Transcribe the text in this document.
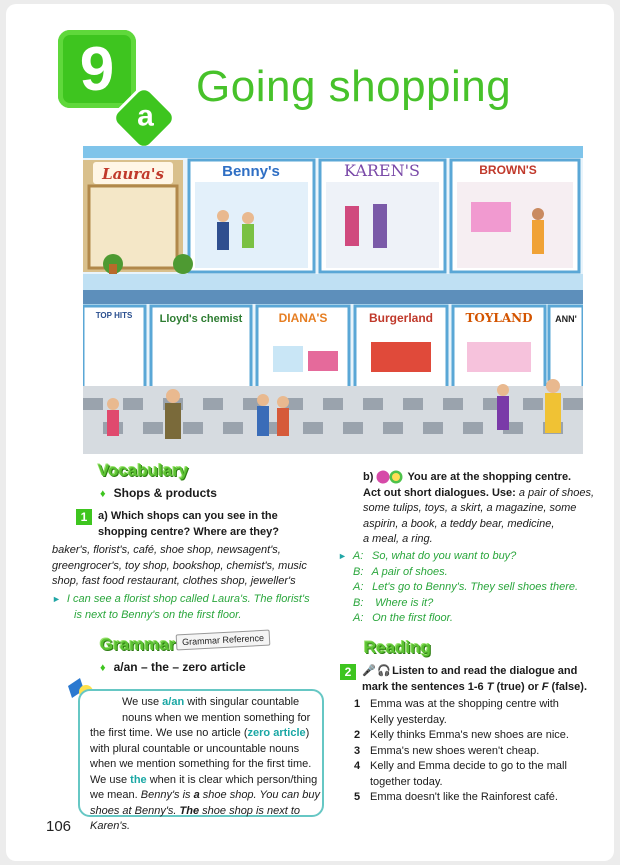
9
a
Going shopping
Laura's	Benny's	KAREN'S	BROWN'S
TOP HITS Lloyd's chemist	DIANA'S	Burgerland	TOYLAND	ANN'
Vocabulary
♦ Shops & products
1 a) Which shops can you see in the
shopping centre? Where are they?
baker's, florist's, café, shoe shop, newsagent's,
greengrocer's, toy shop, bookshop, chemist's, music
shop, fast food restaurant, clothes shop, jeweller's
► I can see a florist shop called Laura's. The florist's
is next to Benny's on the first floor.
Grammar Grammar Reference
♦ a/an – the – zero article
We use a/an with singular countable
nouns when we mention something for
the first time. We use no article (zero article)
with plural countable or uncountable nouns
when we mention something for the first time.
We use the when it is clear which person/thing
we mean. Benny's is a shoe shop. You can buy
shoes at Benny's. The shoe shop is next to Karen's.
b)	You are at the shopping centre.
Act out short dialogues. Use: a pair of shoes,
some tulips, toys, a skirt, a magazine, some
aspirin, a book, a teddy bear, medicine,
a meal, a ring.
► A: So, what do you want to buy?
B: A pair of shoes.
A: Let's go to Benny's. They sell shoes there.
B: Where is it?
A: On the first floor.
Reading
2 🎤 🎧 Listen to and read the dialogue and
mark the sentences 1-6 T (true) or F (false).
1 Emma was at the shopping centre with
Kelly yesterday.
2 Kelly thinks Emma's new shoes are nice.
3 Emma's new shoes weren't cheap.
4 Kelly and Emma decide to go to the mall
together today.
5 Emma doesn't like the Rainforest café.
106
